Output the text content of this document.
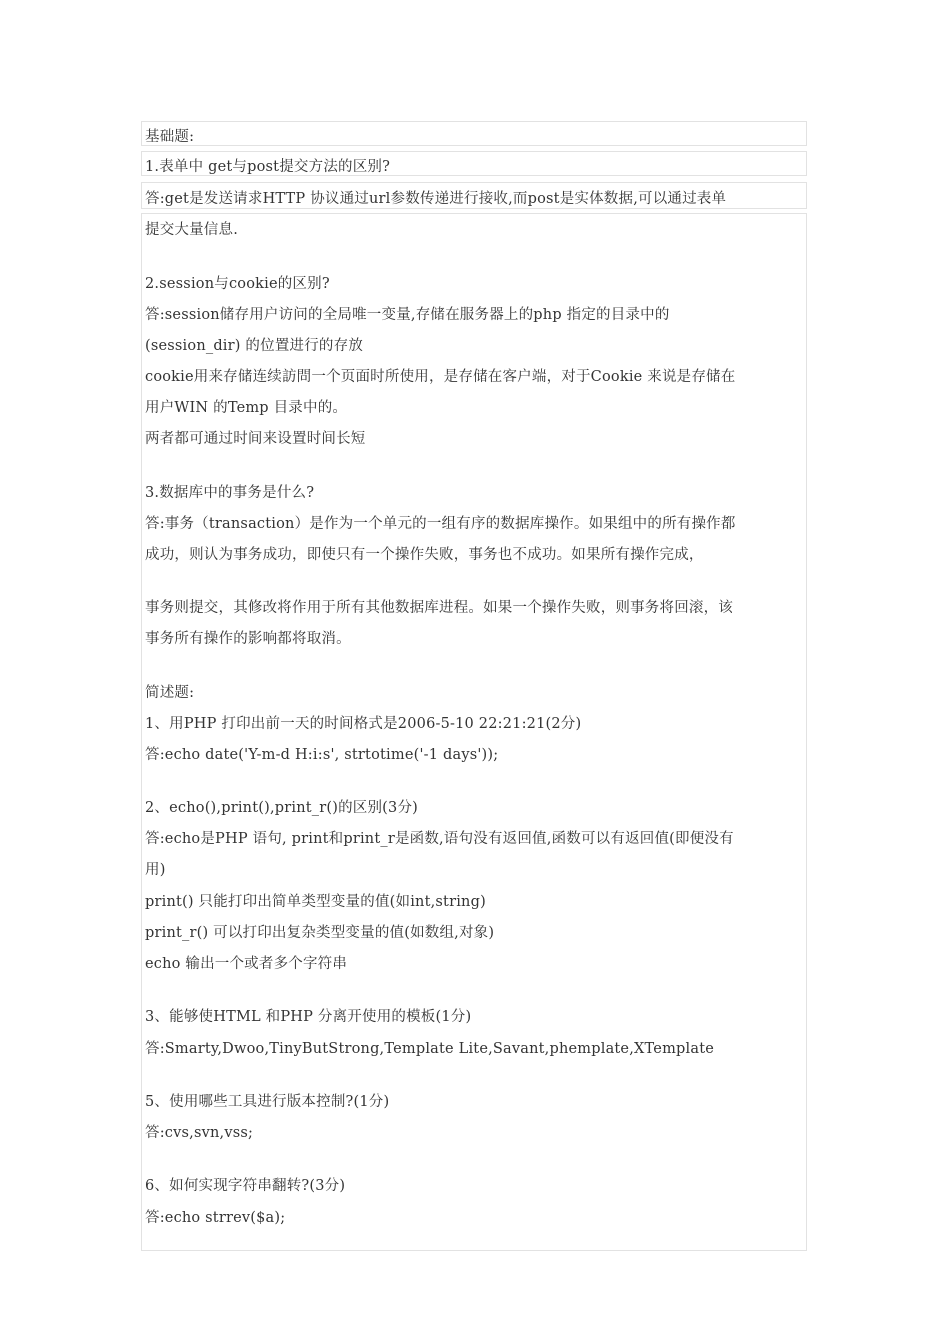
基础题:
1.表单中 get与post提交方法的区别?
答:get是发送请求HTTP 协议通过url参数传递进行接收,而post是实体数据,可以通过表单
提交大量信息.
2.session与cookie的区别?
答:session储存用户访问的全局唯一变量,存储在服务器上的php 指定的目录中的
(session_dir) 的位置进行的存放
cookie用来存储连续訪問一个页面时所使用，是存储在客户端，对于Cookie 来说是存储在
用户WIN 的Temp 目录中的。
两者都可通过时间来设置时间长短
3.数据库中的事务是什么?
答:事务（transaction）是作为一个单元的一组有序的数据库操作。如果组中的所有操作都
成功，则认为事务成功，即使只有一个操作失败，事务也不成功。如果所有操作完成，
事务则提交，其修改将作用于所有其他数据库进程。如果一个操作失败，则事务将回滚，该
事务所有操作的影响都将取消。
简述题:
1、用PHP 打印出前一天的时间格式是2006-5-10 22:21:21(2分)
答:echo date('Y-m-d H:i:s', strtotime('-1 days'));
2、echo(),print(),print_r()的区别(3分)
答:echo是PHP 语句, print和print_r是函数,语句没有返回值,函数可以有返回值(即便没有
用)
print() 只能打印出简单类型变量的值(如int,string)
print_r() 可以打印出复杂类型变量的值(如数组,对象)
echo 输出一个或者多个字符串
3、能够使HTML 和PHP 分离开使用的模板(1分)
答:Smarty,Dwoo,TinyButStrong,Template Lite,Savant,phemplate,XTemplate
5、使用哪些工具进行版本控制?(1分)
答:cvs,svn,vss;
6、如何实现字符串翻转?(3分)
答:echo strrev($a);
